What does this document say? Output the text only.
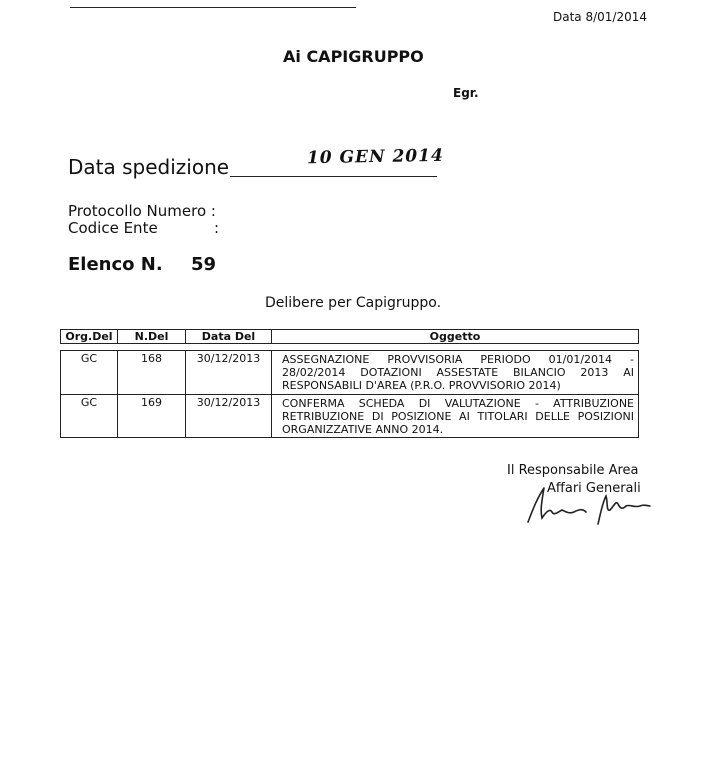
Data 8/01/2014
Ai CAPIGRUPPO
Egr.
Data spedizione	10 GEN 2014
Protocollo Numero :
Codice Ente	:
Elenco N. 59
Delibere per Capigruppo.
Org.Del	N.Del	Data Del	Oggetto
GC	168	30/12/2013	ASSEGNAZIONE PROVVISORIA PERIODO 01/01/2014 - 28/02/2014 DOTAZIONI ASSESTATE BILANCIO 2013 AI RESPONSABILI D'AREA (P.R.O. PROVVISORIO 2014)
GC	169	30/12/2013	CONFERMA SCHEDA DI VALUTAZIONE - ATTRIBUZIONE RETRIBUZIONE DI POSIZIONE AI TITOLARI DELLE POSIZIONI ORGANIZZATIVE ANNO 2014.
Il Responsabile Area
Affari Generali
